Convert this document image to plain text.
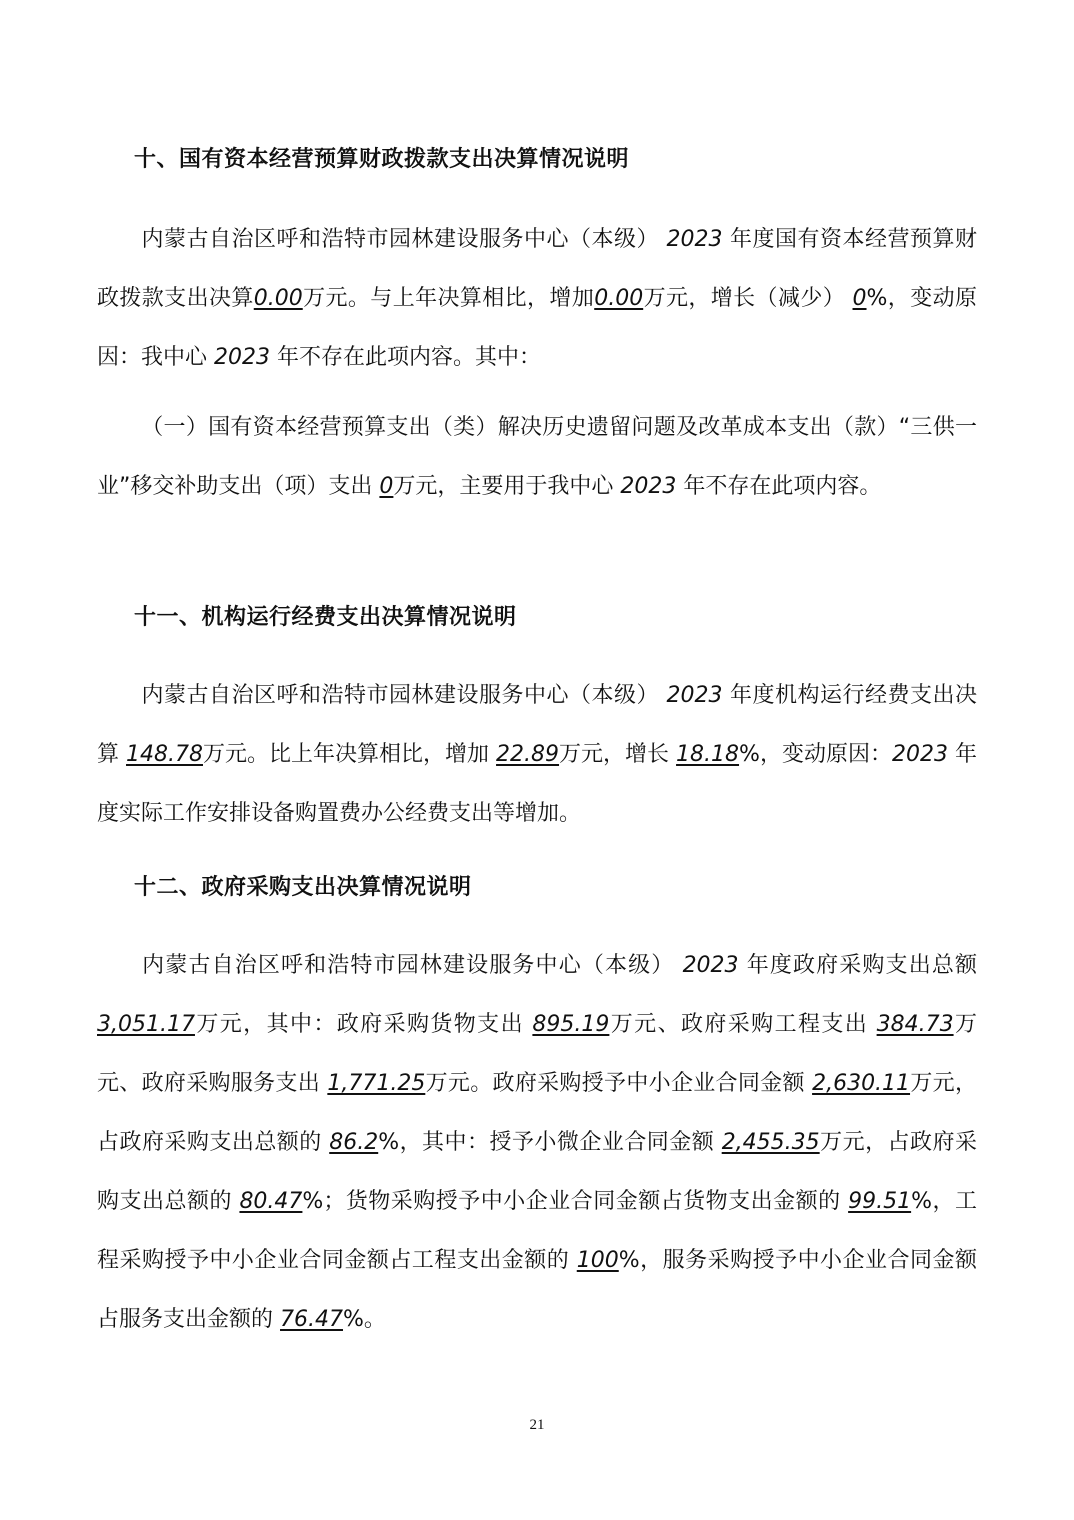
十、国有资本经营预算财政拨款支出决算情况说明
内蒙古自治区呼和浩特市园林建设服务中心（本级） 2023 年度国有资本经营预算财政拨款支出决算0.00万元。与上年决算相比，增加0.00万元，增长（减少） 0%，变动原因：我中心 2023 年不存在此项内容。其中：
（一）国有资本经营预算支出（类）解决历史遗留问题及改革成本支出（款）“三供一业”移交补助支出（项）支出 0万元，主要用于我中心 2023 年不存在此项内容。
十一、机构运行经费支出决算情况说明
内蒙古自治区呼和浩特市园林建设服务中心（本级） 2023 年度机构运行经费支出决算 148.78万元。比上年决算相比，增加 22.89万元，增长 18.18%，变动原因：2023 年度实际工作安排设备购置费办公经费支出等增加。
十二、政府采购支出决算情况说明
内蒙古自治区呼和浩特市园林建设服务中心（本级） 2023 年度政府采购支出总额 3,051.17万元，其中：政府采购货物支出 895.19万元、政府采购工程支出 384.73万元、政府采购服务支出 1,771.25万元。政府采购授予中小企业合同金额 2,630.11万元，占政府采购支出总额的 86.2%，其中：授予小微企业合同金额 2,455.35万元，占政府采购支出总额的 80.47%；货物采购授予中小企业合同金额占货物支出金额的 99.51%，工程采购授予中小企业合同金额占工程支出金额的 100%，服务采购授予中小企业合同金额占服务支出金额的 76.47%。
21
